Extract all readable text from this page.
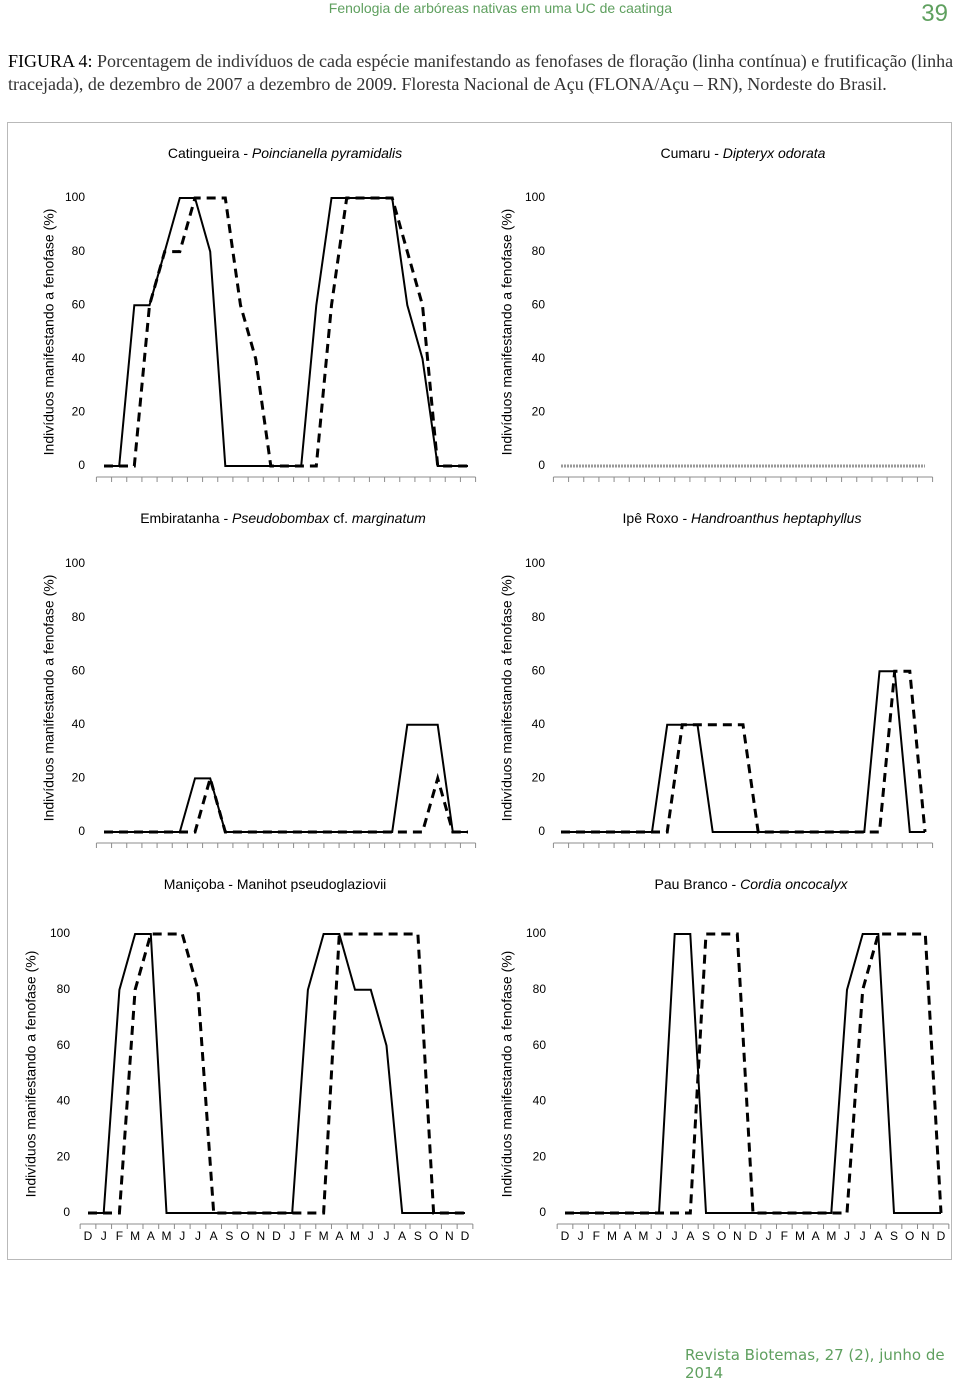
Fenologia de arbóreas nativas em uma UC de caatinga	39
FIGURA 4: Porcentagem de indivíduos de cada espécie manifestando as fenofases de floração (linha contínua) e frutificação (linha tracejada), de dezembro de 2007 a dezembro de 2009. Floresta Nacional de Açu (FLONA/Açu – RN), Nordeste do Brasil.
Catingueira - Poincianella pyramidalis
Indivíduos manifestando a fenofase (%)
0
20
40
60
80
100
Cumaru - Dipteryx odorata
Indivíduos manifestando a fenofase (%)
0
20
40
60
80
100
Embiratanha - Pseudobombax cf. marginatum
Indivíduos manifestando a fenofase (%)
0
20
40
60
80
100
Ipê Roxo - Handroanthus heptaphyllus
Indivíduos manifestando a fenofase (%)
0
20
40
60
80
100
Maniçoba - Manihot pseudoglaziovii
Indivíduos manifestando a fenofase (%)
0
20
40
60
80
100
D J F M A M J J A S O N D J F M A M J J A S O N D
Pau Branco - Cordia oncocalyx
Indivíduos manifestando a fenofase (%)
0
20
40
60
80
100
D J F M A M J J A S O N D J F M A M J J A S O N D
Revista Biotemas, 27 (2), junho de 2014
